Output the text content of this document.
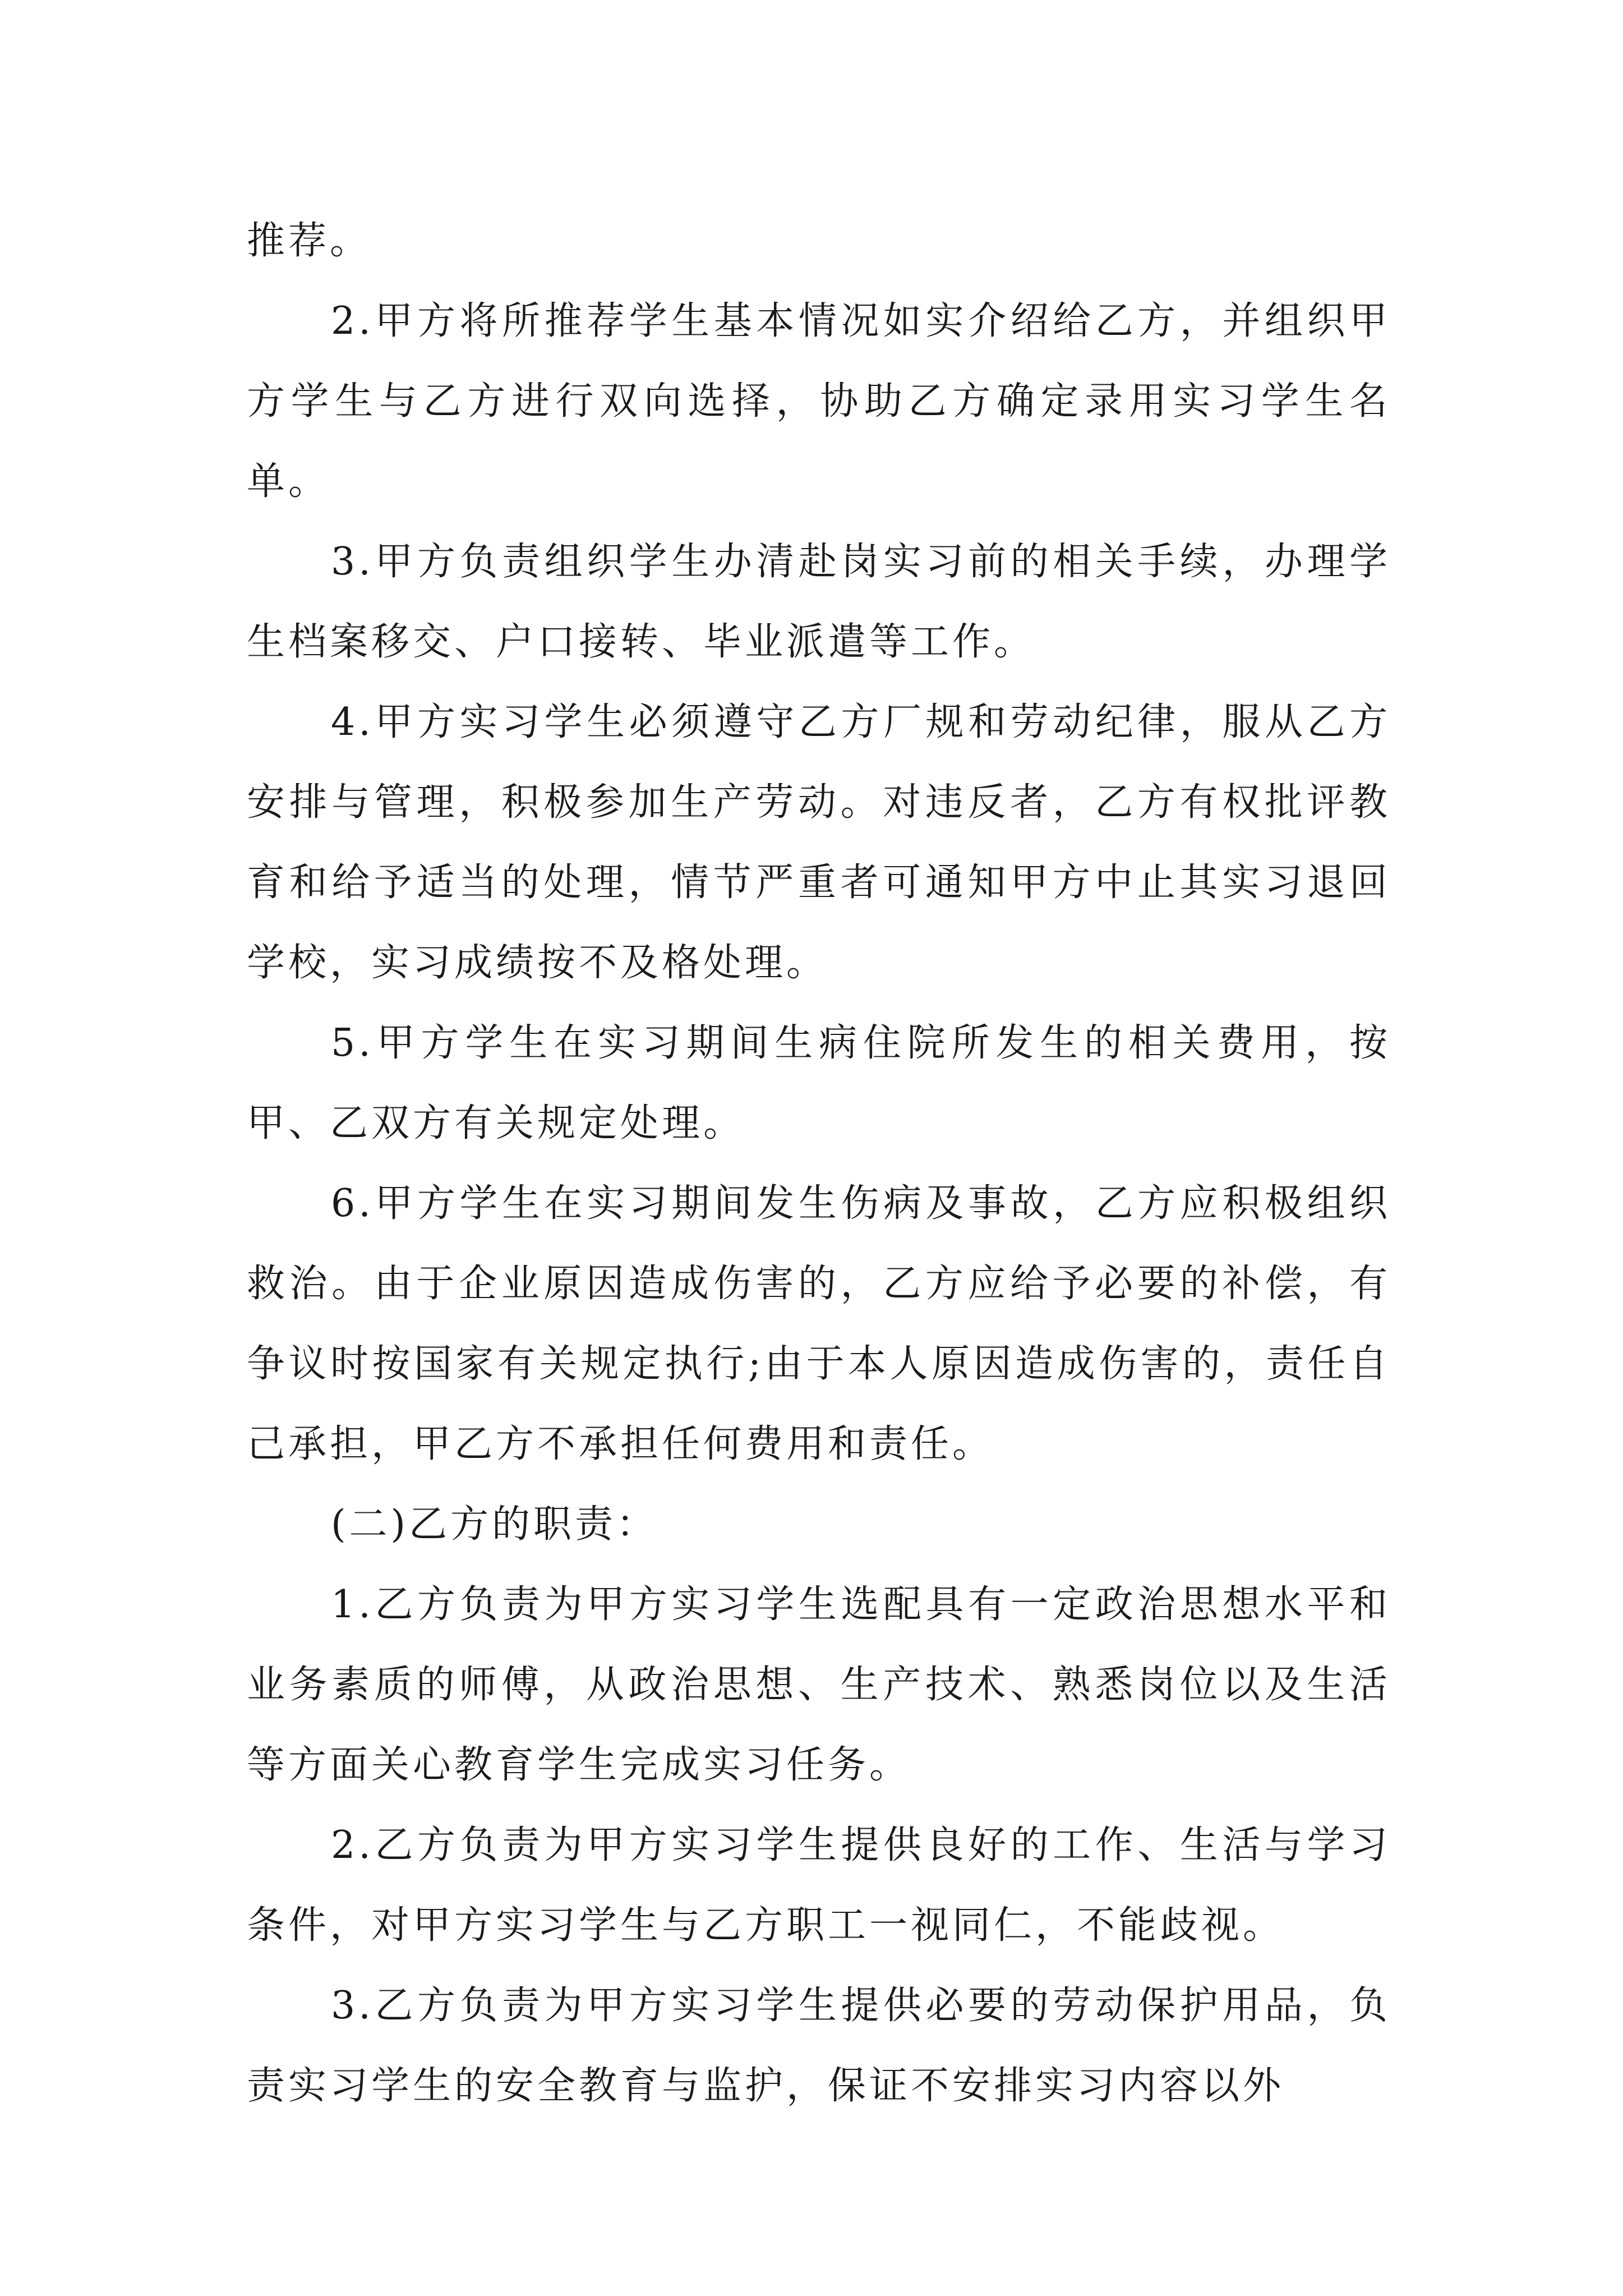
推荐。

2.甲方将所推荐学生基本情况如实介绍给乙方，并组织甲方学生与乙方进行双向选择，协助乙方确定录用实习学生名单。

3.甲方负责组织学生办清赴岗实习前的相关手续，办理学生档案移交、户口接转、毕业派遣等工作。

4.甲方实习学生必须遵守乙方厂规和劳动纪律，服从乙方安排与管理，积极参加生产劳动。对违反者，乙方有权批评教育和给予适当的处理，情节严重者可通知甲方中止其实习退回学校，实习成绩按不及格处理。

5.甲方学生在实习期间生病住院所发生的相关费用，按甲、乙双方有关规定处理。

6.甲方学生在实习期间发生伤病及事故，乙方应积极组织救治。由于企业原因造成伤害的，乙方应给予必要的补偿，有争议时按国家有关规定执行;由于本人原因造成伤害的，责任自己承担，甲乙方不承担任何费用和责任。

(二)乙方的职责：

1.乙方负责为甲方实习学生选配具有一定政治思想水平和业务素质的师傅，从政治思想、生产技术、熟悉岗位以及生活等方面关心教育学生完成实习任务。

2.乙方负责为甲方实习学生提供良好的工作、生活与学习条件，对甲方实习学生与乙方职工一视同仁，不能歧视。

3.乙方负责为甲方实习学生提供必要的劳动保护用品，负责实习学生的安全教育与监护，保证不安排实习内容以外
